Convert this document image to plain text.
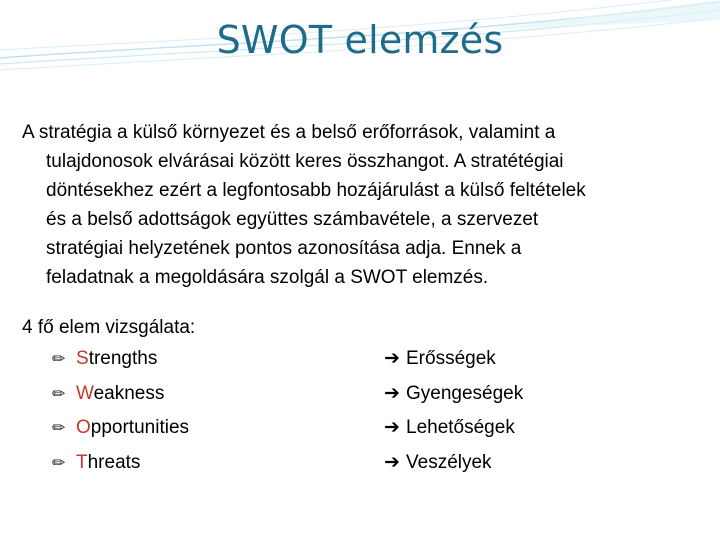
SWOT elemzés

A stratégia a külső környezet és a belső erőforrások, valamint a
tulajdonosok elvárásai között keres összhangot. A stratétégiai
döntésekhez ezért a legfontosabb hozájárulást a külső feltételek
és a belső adottságok együttes számbavétele, a szervezet
stratégiai helyzetének pontos azonosítása adja. Ennek a
feladatnak a megoldására szolgál a SWOT elemzés.

4 fő elem vizsgálata:
✏ Strengths
✏ Weakness
✏ Opportunities
✏ Threats
➔ Erősségek
➔ Gyengeségek
➔ Lehetőségek
➔ Veszélyek
